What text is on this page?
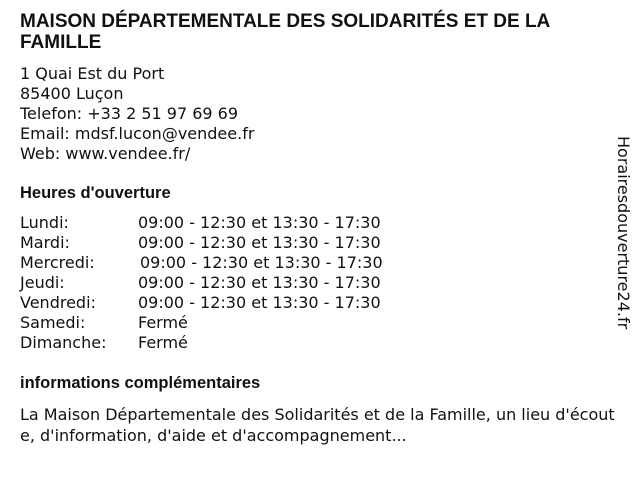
MAISON DÉPARTEMENTALE DES SOLIDARITÉS ET DE LA FAMILLE
1 Quai Est du Port
85400 Luçon
Telefon: +33 2 51 97 69 69
Email: mdsf.lucon@vendee.fr
Web: www.vendee.fr/
Heures d'ouverture
Lundi:	09:00 - 12:30 et 13:30 - 17:30
Mardi:	09:00 - 12:30 et 13:30 - 17:30
Mercredi:	09:00 - 12:30 et 13:30 - 17:30
Jeudi:	09:00 - 12:30 et 13:30 - 17:30
Vendredi:	09:00 - 12:30 et 13:30 - 17:30
Samedi:	Fermé
Dimanche: Fermé
informations complémentaires
La Maison Départementale des Solidarités et de la Famille, un lieu d'écoute, d'information, d'aide et d'accompagnement...
Horairesdouverture24.fr
